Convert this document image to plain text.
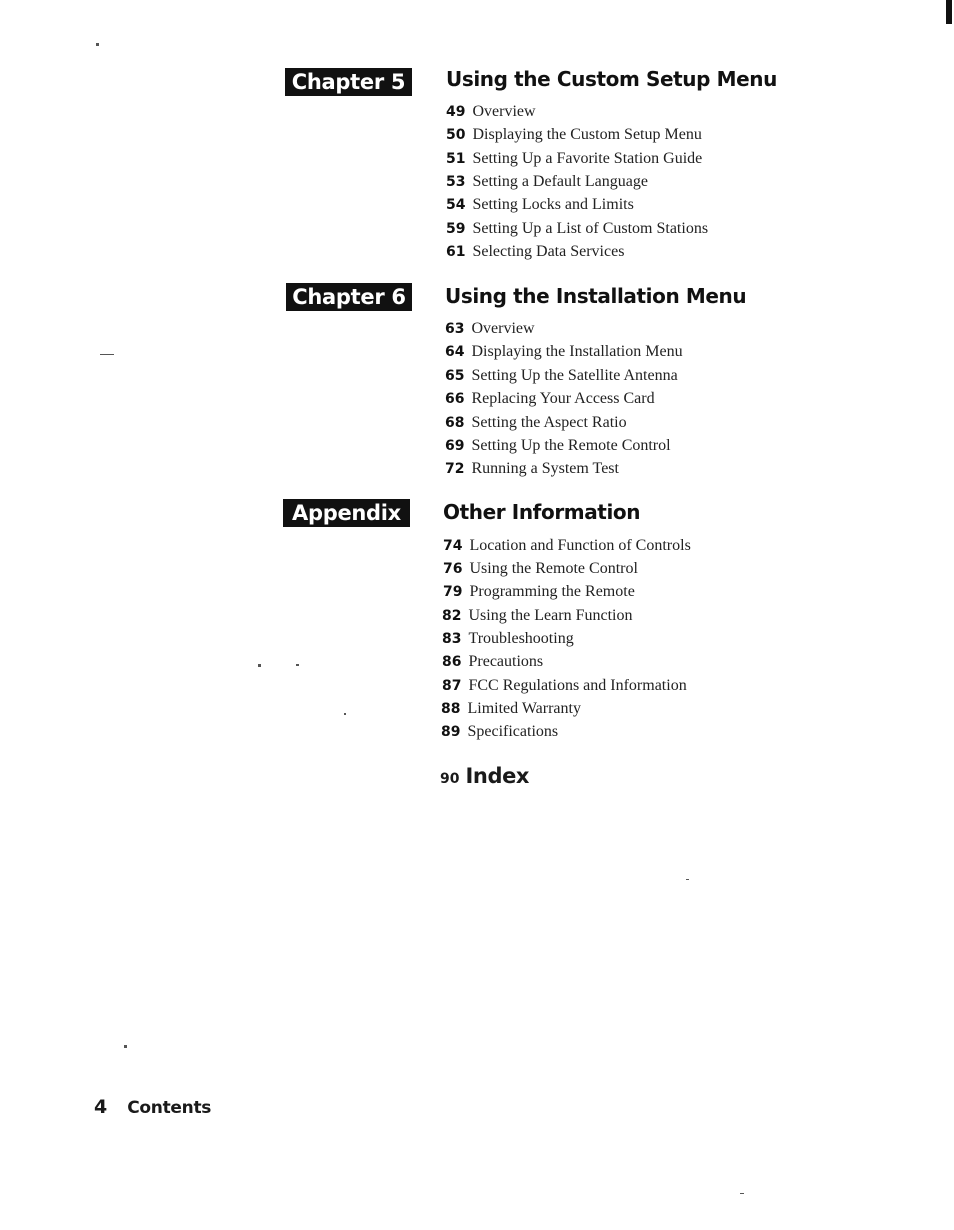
Chapter 5	Using the Custom Setup Menu
49 Overview
50 Displaying the Custom Setup Menu
51 Setting Up a Favorite Station Guide
53 Setting a Default Language
54 Setting Locks and Limits
59 Setting Up a List of Custom Stations
61 Selecting Data Services
Chapter 6	Using the Installation Menu
63 Overview
64 Displaying the Installation Menu
65 Setting Up the Satellite Antenna
66 Replacing Your Access Card
68 Setting the Aspect Ratio
69 Setting Up the Remote Control
72 Running a System Test
Appendix	Other Information
74 Location and Function of Controls
76 Using the Remote Control
79 Programming the Remote
82 Using the Learn Function
83 Troubleshooting
86 Precautions
87 FCC Regulations and Information
88 Limited Warranty
89 Specifications
90 Index
4 Contents
